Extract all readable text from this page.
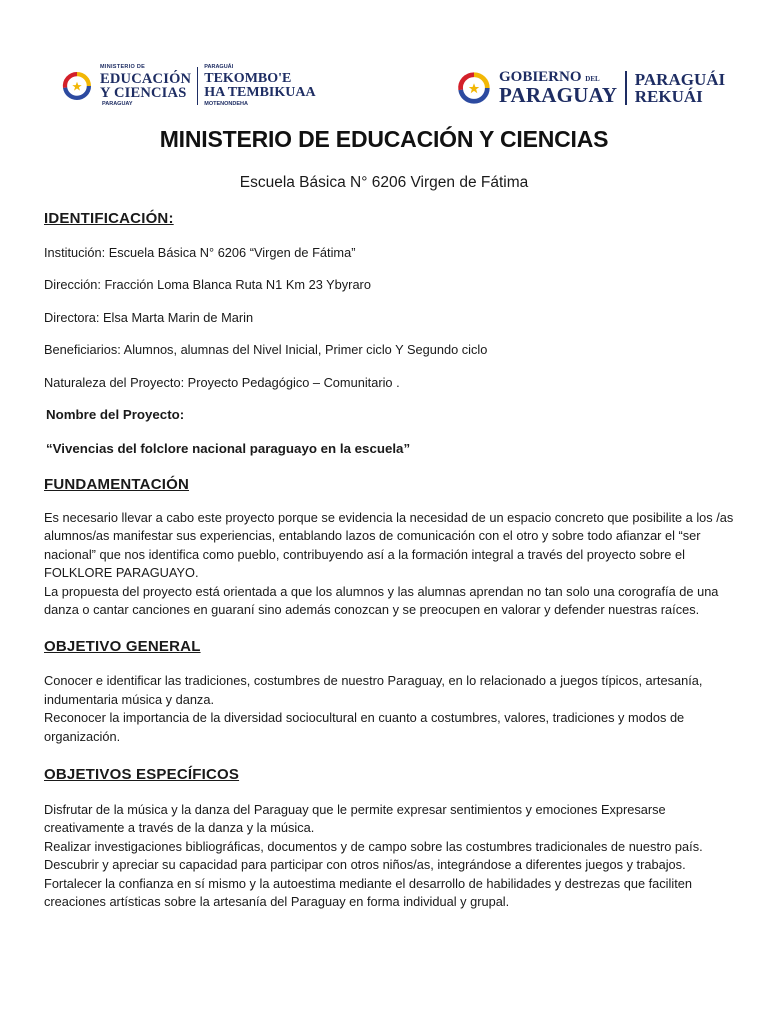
MINISTERIO DE
EDUCACIÓN
Y CIENCIAS
PARAGUAY
PARAGUÁI
TEKOMBO'E
HA TEMBIKUAA
MOTENONDEHA
GOBIERNO DEL
PARAGUAY
PARAGUÁI
REKUÁI
MINISTERIO DE EDUCACIÓN Y CIENCIAS
Escuela Básica N° 6206 Virgen de Fátima

IDENTIFICACIÓN:

Institución: Escuela Básica N° 6206 “Virgen de Fátima”

Dirección: Fracción Loma Blanca Ruta N1 Km 23 Ybyraro

Directora: Elsa Marta Marin de Marin

Beneficiarios: Alumnos, alumnas del Nivel Inicial, Primer ciclo Y Segundo ciclo

Naturaleza del Proyecto: Proyecto Pedagógico – Comunitario .

Nombre del Proyecto:

“Vivencias del folclore nacional paraguayo en la escuela”

FUNDAMENTACIÓN

Es necesario llevar a cabo este proyecto porque se evidencia la necesidad de un espacio concreto que posibilite a los /as

alumnos/as manifestar sus experiencias, entablando lazos de comunicación con el otro y sobre todo afianzar el “ser

nacional” que nos identifica como pueblo, contribuyendo así a la formación integral a través del proyecto sobre el

FOLKLORE PARAGUAYO.

La propuesta del proyecto está orientada a que los alumnos y las alumnas aprendan no tan solo una corografía de una

danza o cantar canciones en guaraní sino además conozcan y se preocupen en valorar y defender nuestras raíces.

OBJETIVO GENERAL

Conocer e identificar las tradiciones, costumbres de nuestro Paraguay, en lo relacionado a juegos típicos, artesanía,

indumentaria música y danza.

Reconocer la importancia de la diversidad sociocultural en cuanto a costumbres, valores, tradiciones y modos de

organización.

OBJETIVOS ESPECÍFICOS

Disfrutar de la música y la danza del Paraguay que le permite expresar sentimientos y emociones Expresarse

creativamente a través de la danza y la música.

Realizar investigaciones bibliográficas, documentos y de campo sobre las costumbres tradicionales de nuestro país.

Descubrir y apreciar su capacidad para participar con otros niños/as, integrándose a diferentes juegos y trabajos.

Fortalecer la confianza en sí mismo y la autoestima mediante el desarrollo de habilidades y destrezas que faciliten

creaciones artísticas sobre la artesanía del Paraguay en forma individual y grupal.
